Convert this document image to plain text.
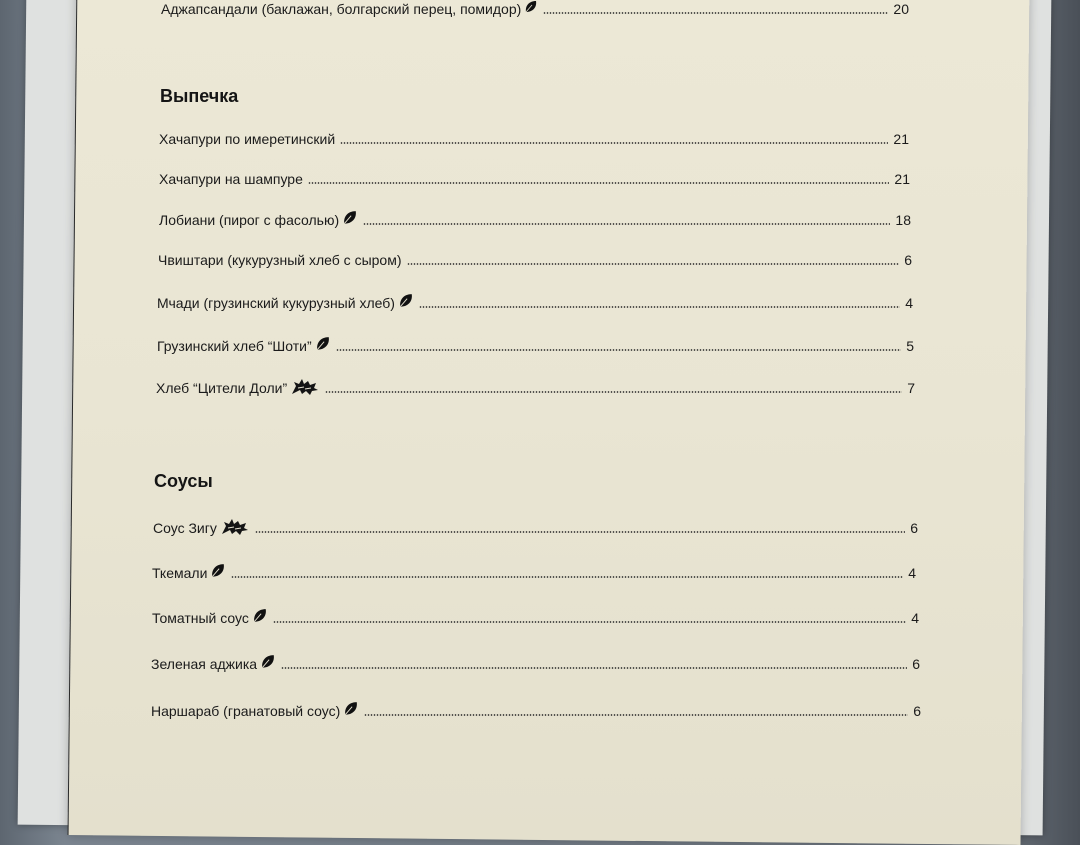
Аджапсандали (баклажан, болгарский перец, помидор)	20
Выпечка
Хачапури по имеретинский	21
Хачапури на шампуре	21
Лобиани (пирог с фасолью)	18
Чвиштари (кукурузный хлеб с сыром)	6
Мчади (грузинский кукурузный хлеб)	4
Грузинский хлеб “Шоти”	5
Хлеб “Цители Доли”	7
Соусы
Соус Зигу	6
Ткемали	4
Томатный соус	4
Зеленая аджика	6
Наршараб (гранатовый соус)	6
